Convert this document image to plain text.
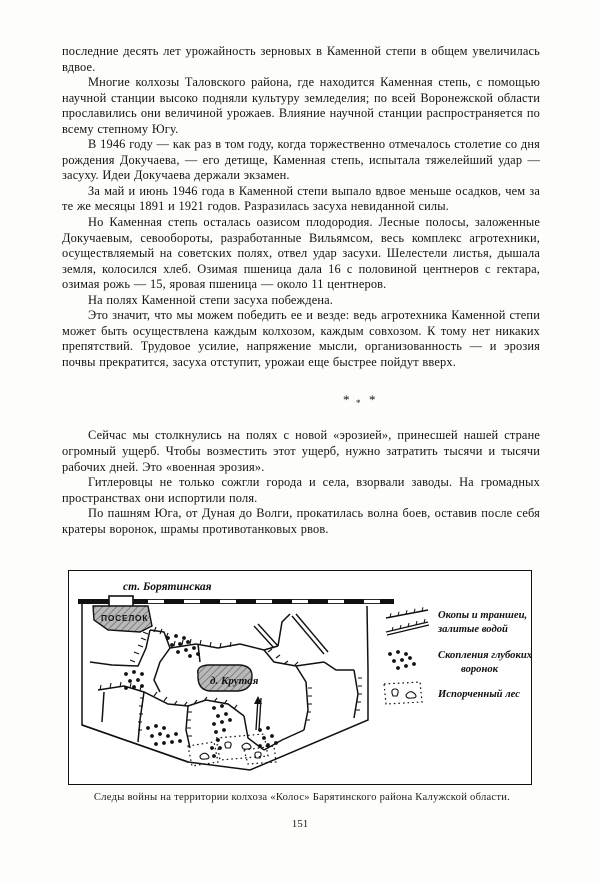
последние десять лет урожайность зерновых в Каменной степи в общем увеличилась вдвое.

Многие колхозы Таловского района, где находится Каменная степь, с помощью научной станции высоко подняли культуру земледелия; по всей Воронежской области прославились они величиной урожаев. Влияние научной станции распространяется по всему степному Югу.

В 1946 году — как раз в том году, когда торжественно отмечалось столетие со дня рождения Докучаева, — его детище, Каменная степь, испытала тяжелейший удар — засуху. Идеи Докучаева держали экзамен.

За май и июнь 1946 года в Каменной степи выпало вдвое меньше осадков, чем за те же месяцы 1891 и 1921 годов. Разразилась засуха невиданной силы.

Но Каменная степь осталась оазисом плодородия. Лесные полосы, заложенные Докучаевым, севообороты, разработанные Вильямсом, весь комплекс агротехники, осуществляемый на советских полях, отвел удар засухи. Шелестели листья, дышала земля, колосился хлеб. Озимая пшеница дала 16 с половиной центнеров с гектара, озимая рожь — 15, яровая пшеница — около 11 центнеров.

На полях Каменной степи засуха побеждена.

Это значит, что мы можем победить ее и везде: ведь агротехника Каменной степи может быть осуществлена каждым колхозом, каждым совхозом. К тому нет никаких препятствий. Трудовое усилие, напряжение мысли, организованность — и эрозия почвы прекратится, засуха отступит, урожаи еще быстрее пойдут вверх.

* *
*

Сейчас мы столкнулись на полях с новой «эрозией», принесшей нашей стране огромный ущерб. Чтобы возместить этот ущерб, нужно затратить тысячи и тысячи рабочих дней. Это «военная эрозия».

Гитлеровцы не только сожгли города и села, взорвали заводы. На громадных пространствах они испортили поля.

По пашням Юга, от Дуная до Волги, прокатилась волна боев, оставив после себя кратеры воронок, шрамы противотанковых рвов.

ст. Борятинская
ПОСЕЛОК
д. Крутая
Окопы и траншеи,
залитые водой
Скопления глубоких
воронок
Испорченный лес
Следы войны на территории колхоза «Колос» Барятинского района Калужской области.
151
